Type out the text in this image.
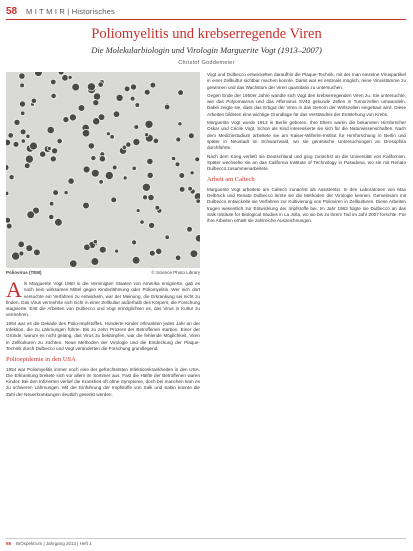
58 M I T M I R | Historisches
Poliomyelitis und krebserregende Viren
Die Molekularbiologin und Virologin Marguerite Vogt (1913–2007)
Christof Goddemeier
Poliovirus (TEM)	© Science Photo Library

Als Marguerite Vogt 1950 in die Vereinigten Staaten von Amerika emigrierte, gab es noch kein wirksames Mittel gegen Kinderlähmung oder Poliomyelitis. Wer sich dort versuchte ein Verfahren zu entwickeln, war der Meinung, die Erkrankung sei nicht zu finden. Das Virus vermehrte sich nicht in einer Zellkultur außerhalb des Körpers, die Forschung stagnierte. Erst die Arbeiten von Dulbecco und Vogt ermöglichten es, das Virus in Kultur zu vermehren.

1954 war es die Dekade des Polio-Impfstoffes. Hunderte Kinder erkrankten jedes Jahr an der Infektion, die zu Lähmungen führte. Bis zu zehn Prozent der Betroffenen starben. Einer der Gründe, warum es nicht gelang, das Virus zu bekämpfen, war die fehlende Möglichkeit, Viren in Zellkulturen zu züchten. Neue Methoden der Virologie und die Entdeckung der Plaque-Technik durch Dulbecco und Vogt veränderten die Forschung grundlegend.

Polioepidemie in den USA

1954 war Poliomyelitis immer noch eine der gefürchtetsten Infektionskrankheiten in den USA. Die Erkrankung breitete sich vor allem im Sommer aus. Fast die Hälfte der Betroffenen waren Kinder. Bei den Infizierten verlief die Krankheit oft ohne Symptome, doch bei manchen kam es zu schweren Lähmungen. Mit der Einführung der Impfstoffe von Salk und Sabin konnte die Zahl der Neuerkrankungen deutlich gesenkt werden.

Vogt und Dulbecco entwickelten daraufhin die Plaque-Technik, mit der man einzelne Viruspartikel in einer Zellkultur sichtbar machen konnte. Damit war es erstmals möglich, reine Virusstämme zu gewinnen und das Wachstum der Viren quantitativ zu untersuchen.

Gegen Ende der 1950er Jahre wandte sich Vogt den krebserregenden Viren zu. Sie untersuchte, wie das Polyomavirus und das Affenvirus SV40 gesunde Zellen in Tumorzellen umwandeln. Dabei zeigte sie, dass das Erbgut der Viren in das Genom der Wirtszellen eingebaut wird. Diese Arbeiten bildeten eine wichtige Grundlage für das Verständnis der Entstehung von Krebs.

Marguerite Vogt wurde 1913 in Berlin geboren. Ihre Eltern waren die bekannten Hirnforscher Oskar und Cécile Vogt. Schon als Kind interessierte sie sich für die Naturwissenschaften. Nach dem Medizinstudium arbeitete sie am Kaiser-Wilhelm-Institut für Hirnforschung in Berlin und später in Neustadt im Schwarzwald, wo sie genetische Untersuchungen an Drosophila durchführte.

Nach dem Krieg verließ sie Deutschland und ging zunächst an die Universität von Kalifornien. Später wechselte sie an das California Institute of Technology in Pasadena, wo sie mit Renato Dulbecco zusammenarbeitete.

Arbeit am Caltech

Marguerite Vogt arbeitete am Caltech zunächst als Assistentin. In den Laboratorien von Max Delbrück und Renato Dulbecco lernte sie die Methoden der Virologie kennen. Gemeinsam mit Dulbecco entwickelte sie Verfahren zur Kultivierung von Polioviren in Zellkulturen. Diese Arbeiten trugen wesentlich zur Entwicklung der Impfstoffe bei. Im Jahr 1963 folgte sie Dulbecco an das Salk Institute for Biological Studies in La Jolla, wo sie bis zu ihrem Tod im Jahr 2007 forschte. Für ihre Arbeiten erhielt sie zahlreiche Auszeichnungen.

58 BIOspektrum | Jahrgang 2013 | Heft 1
